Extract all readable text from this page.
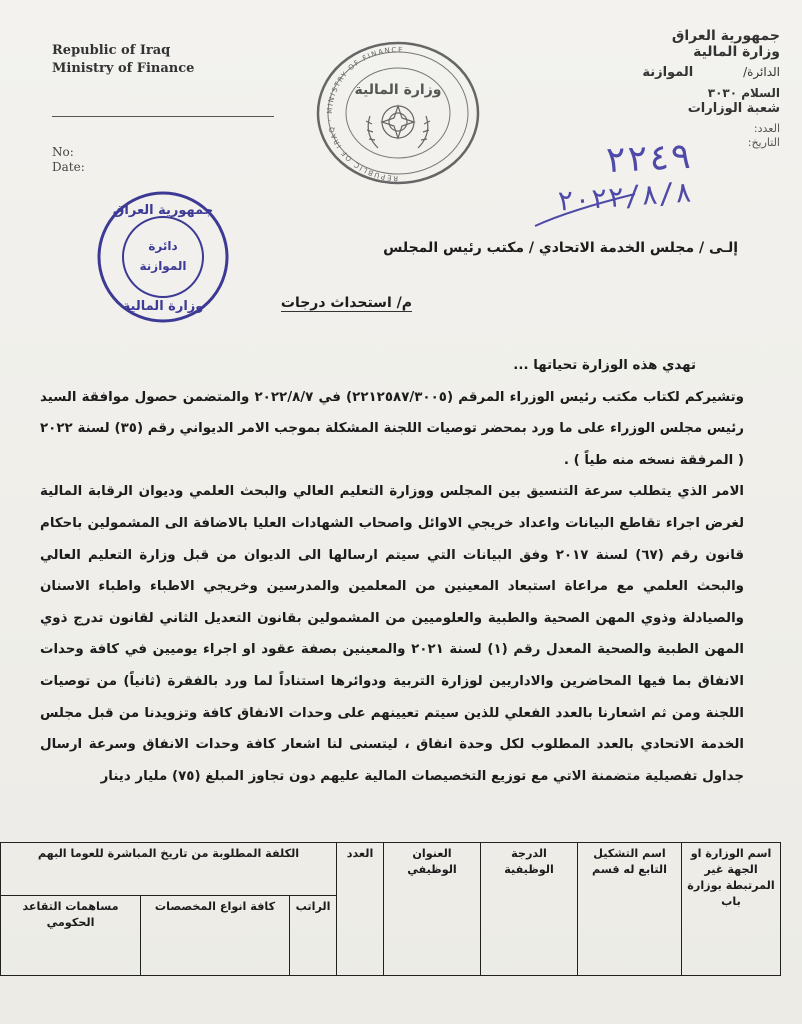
Republic of Iraq
Ministry of Finance
No:
Date:
REPUBLIC OF IRAQ · MINISTRY OF FINANCE
وزارة المالية
جمهورية العراق
وزارة المالية
الدائرة/ الموازنة
السلام ٣٠٣٠
شعبة الوزارات
العدد:
التاريخ:
٢٢٤٩
٢٠٢٢/٨/٨
جمهورية العراق
دائرة
الموازنة
وزارة المالية
إلـى / مجلس الخدمة الاتحادي / مكتب رئيس المجلس
م/ استحداث درجات

تهدي هذه الوزارة تحياتها ...

وتشيركم لكتاب مكتب رئيس الوزراء المرقم (٢٢١٢٥٨٧/٣٠٠٥) في ٢٠٢٢/٨/٧ والمتضمن حصول موافقة السيد رئيس مجلس الوزراء على ما ورد بمحضر توصيات اللجنة المشكلة بموجب الامر الديواني رقم (٣٥) لسنة ٢٠٢٢ ( المرفقة نسخه منه طياً ) .

الامر الذي يتطلب سرعة التنسيق بين المجلس ووزارة التعليم العالي والبحث العلمي وديوان الرقابة المالية لغرض اجراء تقاطع البيانات واعداد خريجي الاوائل واصحاب الشهادات العليا بالاضافة الى المشمولين باحكام قانون رقم (٦٧) لسنة ٢٠١٧ وفق البيانات التي سيتم ارسالها الى الديوان من قبل وزارة التعليم العالي والبحث العلمي مع مراعاة استبعاد المعينين من المعلمين والمدرسين وخريجي الاطباء واطباء الاسنان والصيادلة وذوي المهن الصحية والطبية والعلوميين من المشمولين بقانون التعديل الثاني لقانون تدرج ذوي المهن الطبية والصحية المعدل رقم (١) لسنة ٢٠٢١ والمعينين بصفة عقود او اجراء يوميين في كافة وحدات الانفاق بما فيها المحاضرين والاداريين لوزارة التربية ودوائرها استناداً لما ورد بالفقرة (ثانياً) من توصيات اللجنة ومن ثم اشعارنا بالعدد الفعلي للذين سيتم تعيينهم على وحدات الانفاق كافة وتزويدنا من قبل مجلس الخدمة الاتحادي بالعدد المطلوب لكل وحدة انفاق ، ليتسنى لنا اشعار كافة وحدات الانفاق وسرعة ارسال جداول تفصيلية متضمنة الاتي مع توزيع التخصيصات المالية عليهم دون تجاوز المبلغ (٧٥) مليار دينار

اسم الوزارة او الجهة غير المرتبطة بوزارة باب	اسم التشكيل التابع له قسم	الدرجة الوظيفية	العنوان الوظيفي	العدد	الكلفة المطلوبة من تاريخ المباشرة للعوما البهم		
					الراتب	كافة انواع المخصصات	مساهمات التقاعد الحكومي
